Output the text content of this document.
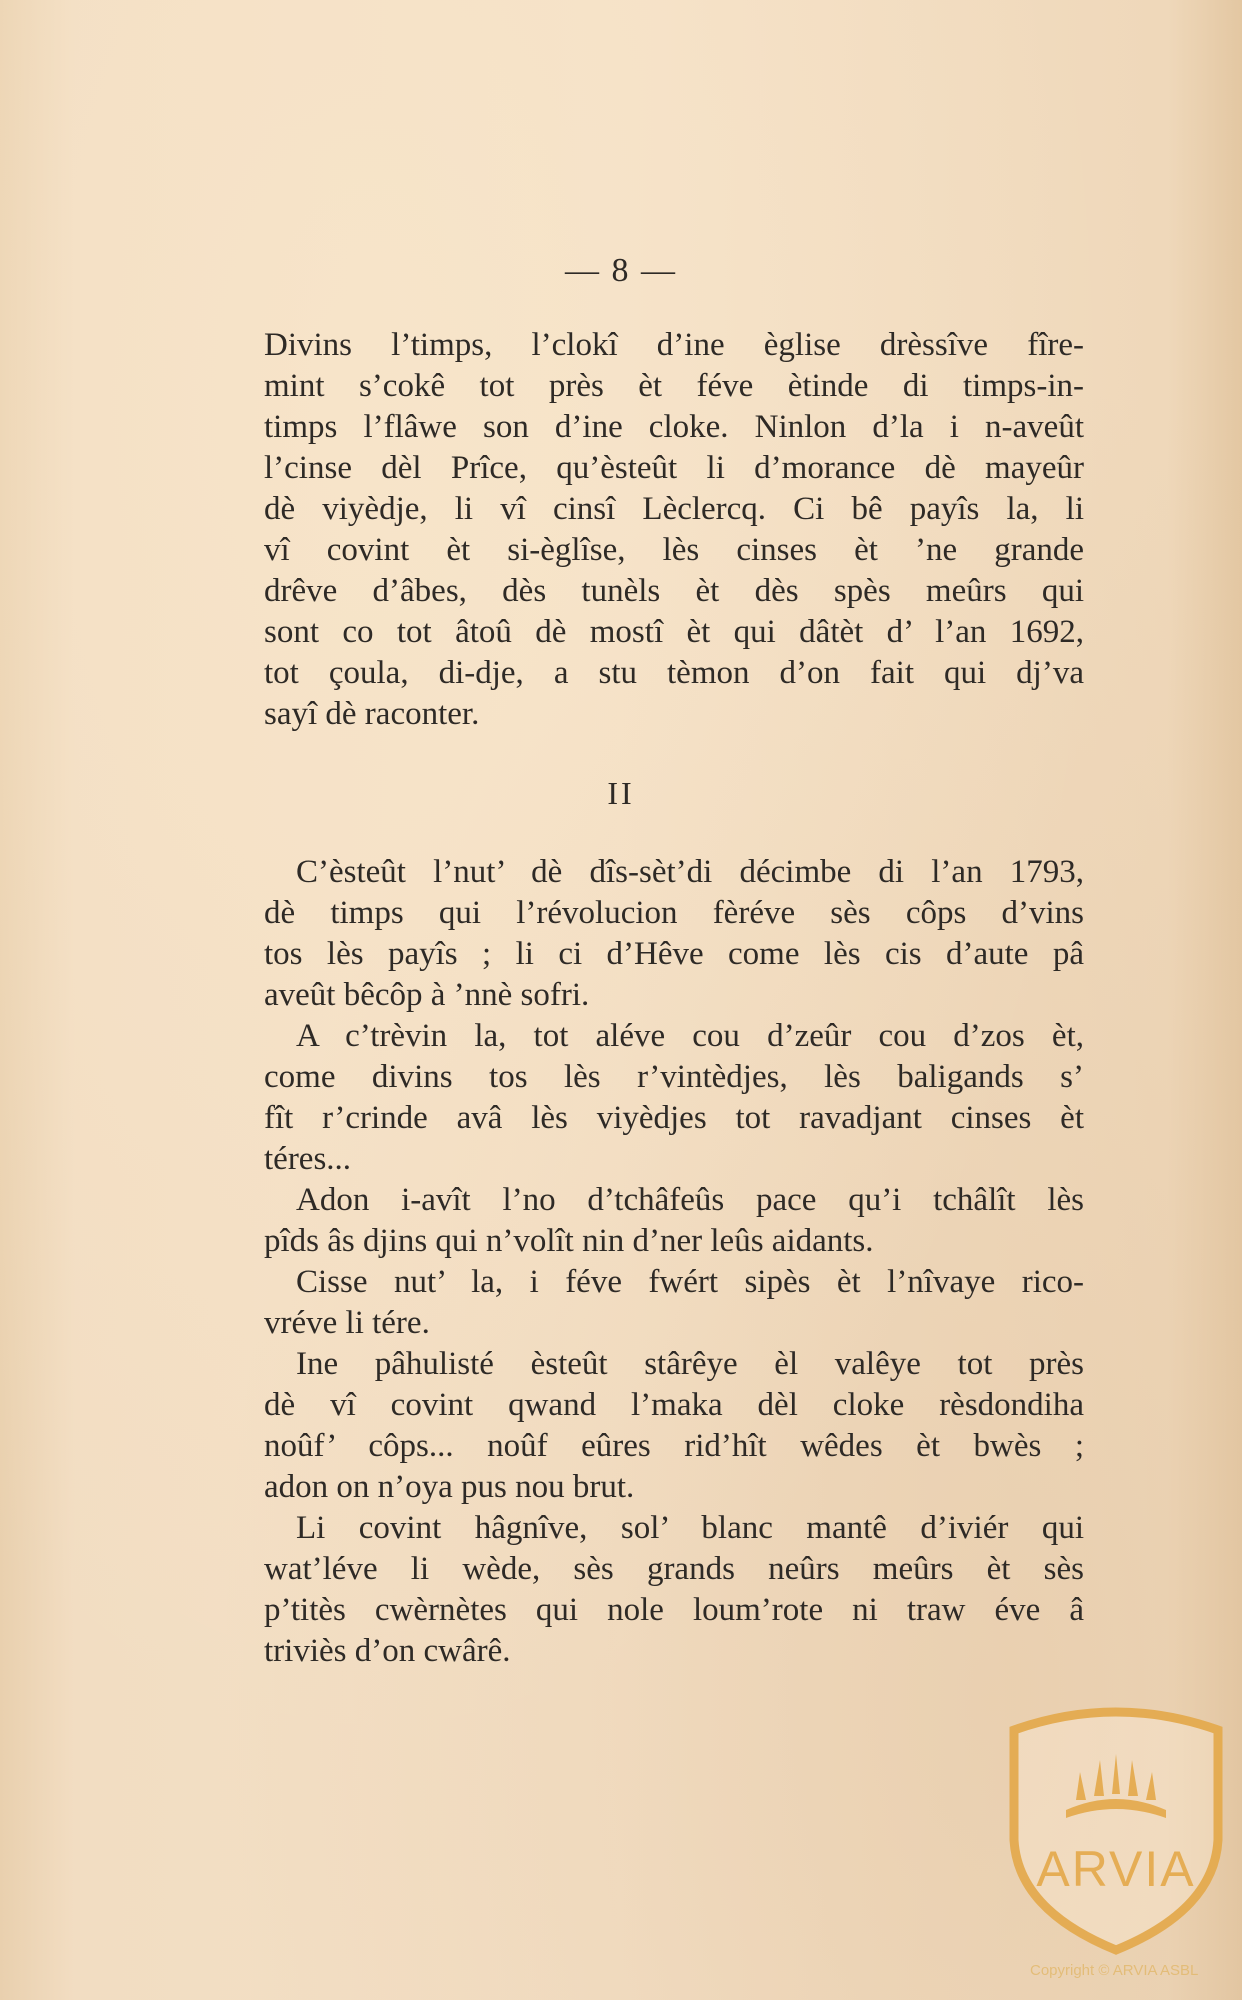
— 8 —
Divins l’timps, l’clokî d’ine èglise drèssîve fîre-
mint s’cokê tot près èt féve ètinde di timps-in-
timps l’flâwe son d’ine cloke. Ninlon d’la i n-aveût
l’cinse dèl Prîce, qu’èsteût li d’morance dè mayeûr
dè viyèdje, li vî cinsî Lèclercq. Ci bê payîs la, li
vî covint èt si-èglîse, lès cinses èt ’ne grande
drêve d’âbes, dès tunèls èt dès spès meûrs qui
sont co tot âtoû dè mostî èt qui dâtèt d’ l’an 1692,
tot çoula, di-dje, a stu tèmon d’on fait qui dj’va
sayî dè raconter.
II
C’èsteût l’nut’ dè dîs-sèt’di décimbe di l’an 1793,
dè timps qui l’révolucion fèréve sès côps d’vins
tos lès payîs ; li ci d’Hêve come lès cis d’aute pâ
aveût bêcôp à ’nnè sofri.
A c’trèvin la, tot aléve cou d’zeûr cou d’zos èt,
come divins tos lès r’vintèdjes, lès baligands s’
fît r’crinde avâ lès viyèdjes tot ravadjant cinses èt
téres...
Adon i-avît l’no d’tchâfeûs pace qu’i tchâlît lès
pîds âs djins qui n’volît nin d’ner leûs aidants.
Cisse nut’ la, i féve fwért sipès èt l’nîvaye rico-
vréve li tére.
Ine pâhulisté èsteût stârêye èl valêye tot près
dè vî covint qwand l’maka dèl cloke rèsdondiha
noûf’ côps... noûf eûres rid’hît wêdes èt bwès ;
adon on n’oya pus nou brut.
Li covint hâgnîve, sol’ blanc mantê d’iviér qui
wat’léve li wède, sès grands neûrs meûrs èt sès
p’titès cwèrnètes qui nole loum’rote ni traw éve â
triviès d’on cwârê.
ARVIA
Copyright © ARVIA ASBL
